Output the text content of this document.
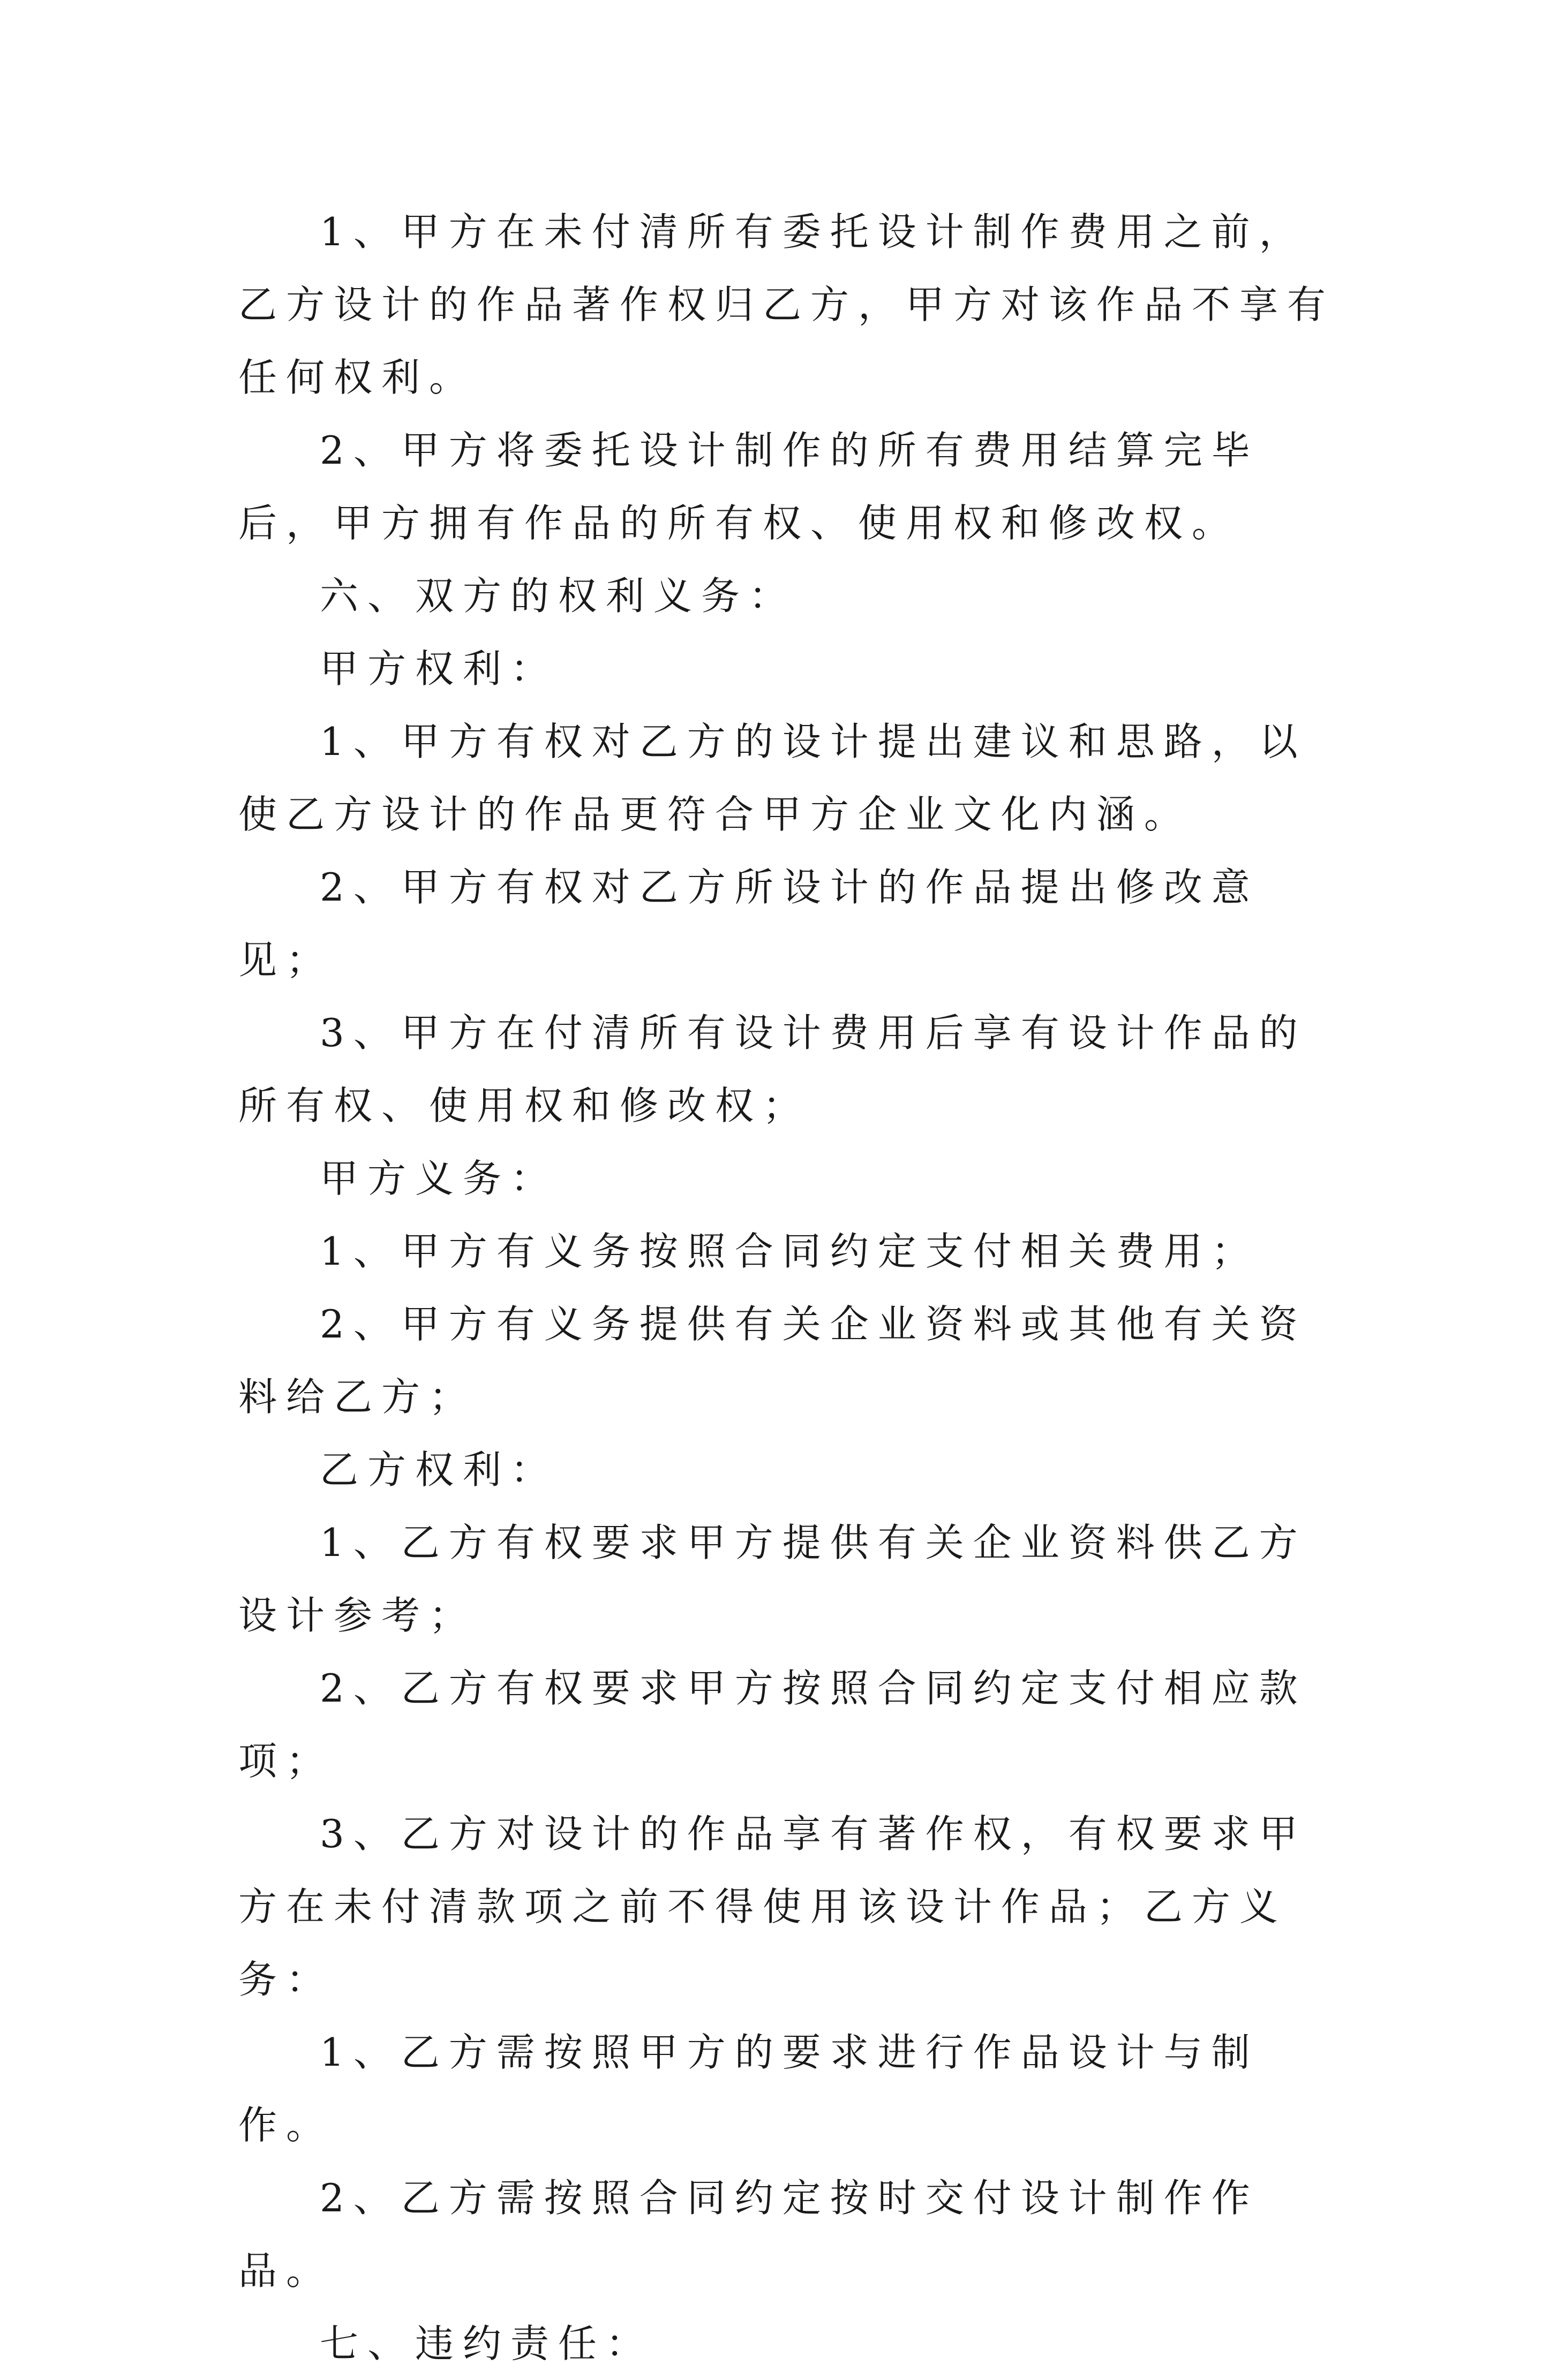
1、甲方在未付清所有委托设计制作费用之前，乙方设计的作品著作权归乙方，甲方对该作品不享有任何权利。

2、甲方将委托设计制作的所有费用结算完毕后，甲方拥有作品的所有权、使用权和修改权。

六、双方的权利义务：

甲方权利：

1、甲方有权对乙方的设计提出建议和思路，以使乙方设计的作品更符合甲方企业文化内涵。

2、甲方有权对乙方所设计的作品提出修改意见；

3、甲方在付清所有设计费用后享有设计作品的所有权、使用权和修改权；

甲方义务：

1、甲方有义务按照合同约定支付相关费用；

2、甲方有义务提供有关企业资料或其他有关资料给乙方；

乙方权利：

1、乙方有权要求甲方提供有关企业资料供乙方设计参考；

2、乙方有权要求甲方按照合同约定支付相应款项；

3、乙方对设计的作品享有著作权，有权要求甲方在未付清款项之前不得使用该设计作品；乙方义务：

1、乙方需按照甲方的要求进行作品设计与制作。

2、乙方需按照合同约定按时交付设计制作作品。

七、违约责任：
